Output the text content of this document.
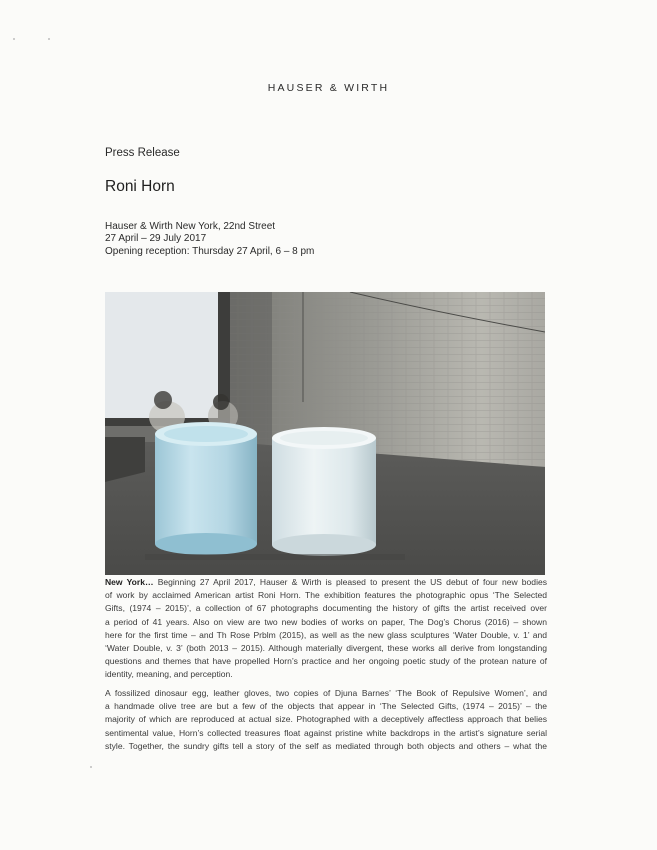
HAUSER & WIRTH
Press Release
Roni Horn
Hauser & Wirth New York, 22nd Street
27 April – 29 July 2017
Opening reception: Thursday 27 April, 6 – 8 pm
New York… Beginning 27 April 2017, Hauser & Wirth is pleased to present the US debut of four new bodies
of work by acclaimed American artist Roni Horn. The exhibition features the photographic opus ‘The Selected
Gifts, (1974 – 2015)’, a collection of 67 photographs documenting the history of gifts the artist received over
a period of 41 years. Also on view are two new bodies of works on paper, The Dog’s Chorus (2016) – shown
here for the first time – and Th Rose Prblm (2015), as well as the new glass sculptures ‘Water Double, v. 1’ and
‘Water Double, v. 3’ (both 2013 – 2015). Although materially divergent, these works all derive from longstanding
questions and themes that have propelled Horn’s practice and her ongoing poetic study of the protean nature of
identity, meaning, and perception.
A fossilized dinosaur egg, leather gloves, two copies of Djuna Barnes’ ‘The Book of Repulsive Women’, and
a handmade olive tree are but a few of the objects that appear in ‘The Selected Gifts, (1974 – 2015)’ – the
majority of which are reproduced at actual size. Photographed with a deceptively affectless approach that belies
sentimental value, Horn’s collected treasures float against pristine white backdrops in the artist’s signature serial
style. Together, the sundry gifts tell a story of the self as mediated through both objects and others – what the
